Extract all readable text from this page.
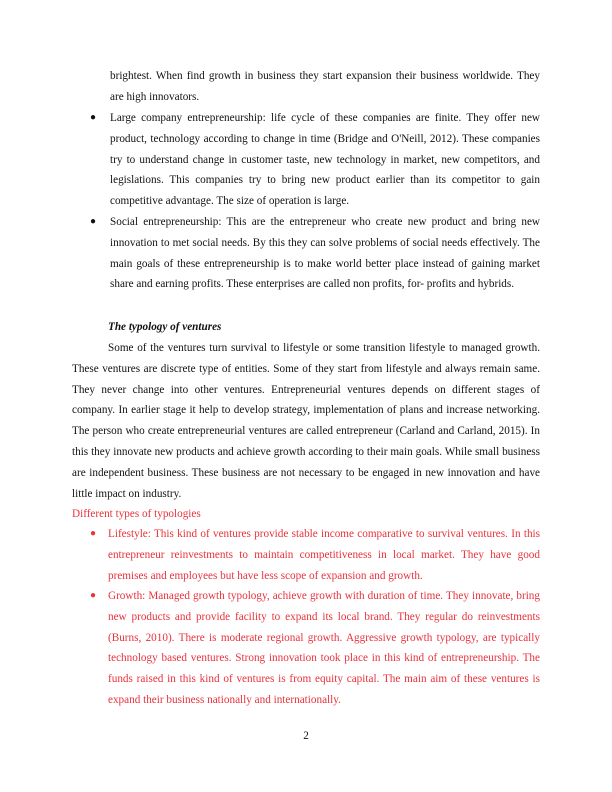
brightest. When find growth in business they start expansion their business worldwide. They are high innovators.

● Large company entrepreneurship: life cycle of these companies are finite. They offer new product, technology according to change in time (Bridge and O'Neill, 2012). These companies try to understand change in customer taste, new technology in market, new competitors, and legislations. This companies try to bring new product earlier than its competitor to gain competitive advantage. The size of operation is large.

● Social entrepreneurship: This are the entrepreneur who create new product and bring new innovation to met social needs. By this they can solve problems of social needs effectively. The main goals of these entrepreneurship is to make world better place instead of gaining market share and earning profits. These enterprises are called non profits, for- profits and hybrids.

The typology of ventures

Some of the ventures turn survival to lifestyle or some transition lifestyle to managed growth. These ventures are discrete type of entities. Some of they start from lifestyle and always remain same. They never change into other ventures. Entrepreneurial ventures depends on different stages of company. In earlier stage it help to develop strategy, implementation of plans and increase networking. The person who create entrepreneurial ventures are called entrepreneur (Carland and Carland, 2015). In this they innovate new products and achieve growth according to their main goals. While small business are independent business. These business are not necessary to be engaged in new innovation and have little impact on industry.

Different types of typologies

● Lifestyle: This kind of ventures provide stable income comparative to survival ventures. In this entrepreneur reinvestments to maintain competitiveness in local market. They have good premises and employees but have less scope of expansion and growth.

● Growth: Managed growth typology, achieve growth with duration of time. They innovate, bring new products and provide facility to expand its local brand. They regular do reinvestments (Burns, 2010). There is moderate regional growth. Aggressive growth typology, are typically technology based ventures. Strong innovation took place in this kind of entrepreneurship. The funds raised in this kind of ventures is from equity capital. The main aim of these ventures is expand their business nationally and internationally.

2
